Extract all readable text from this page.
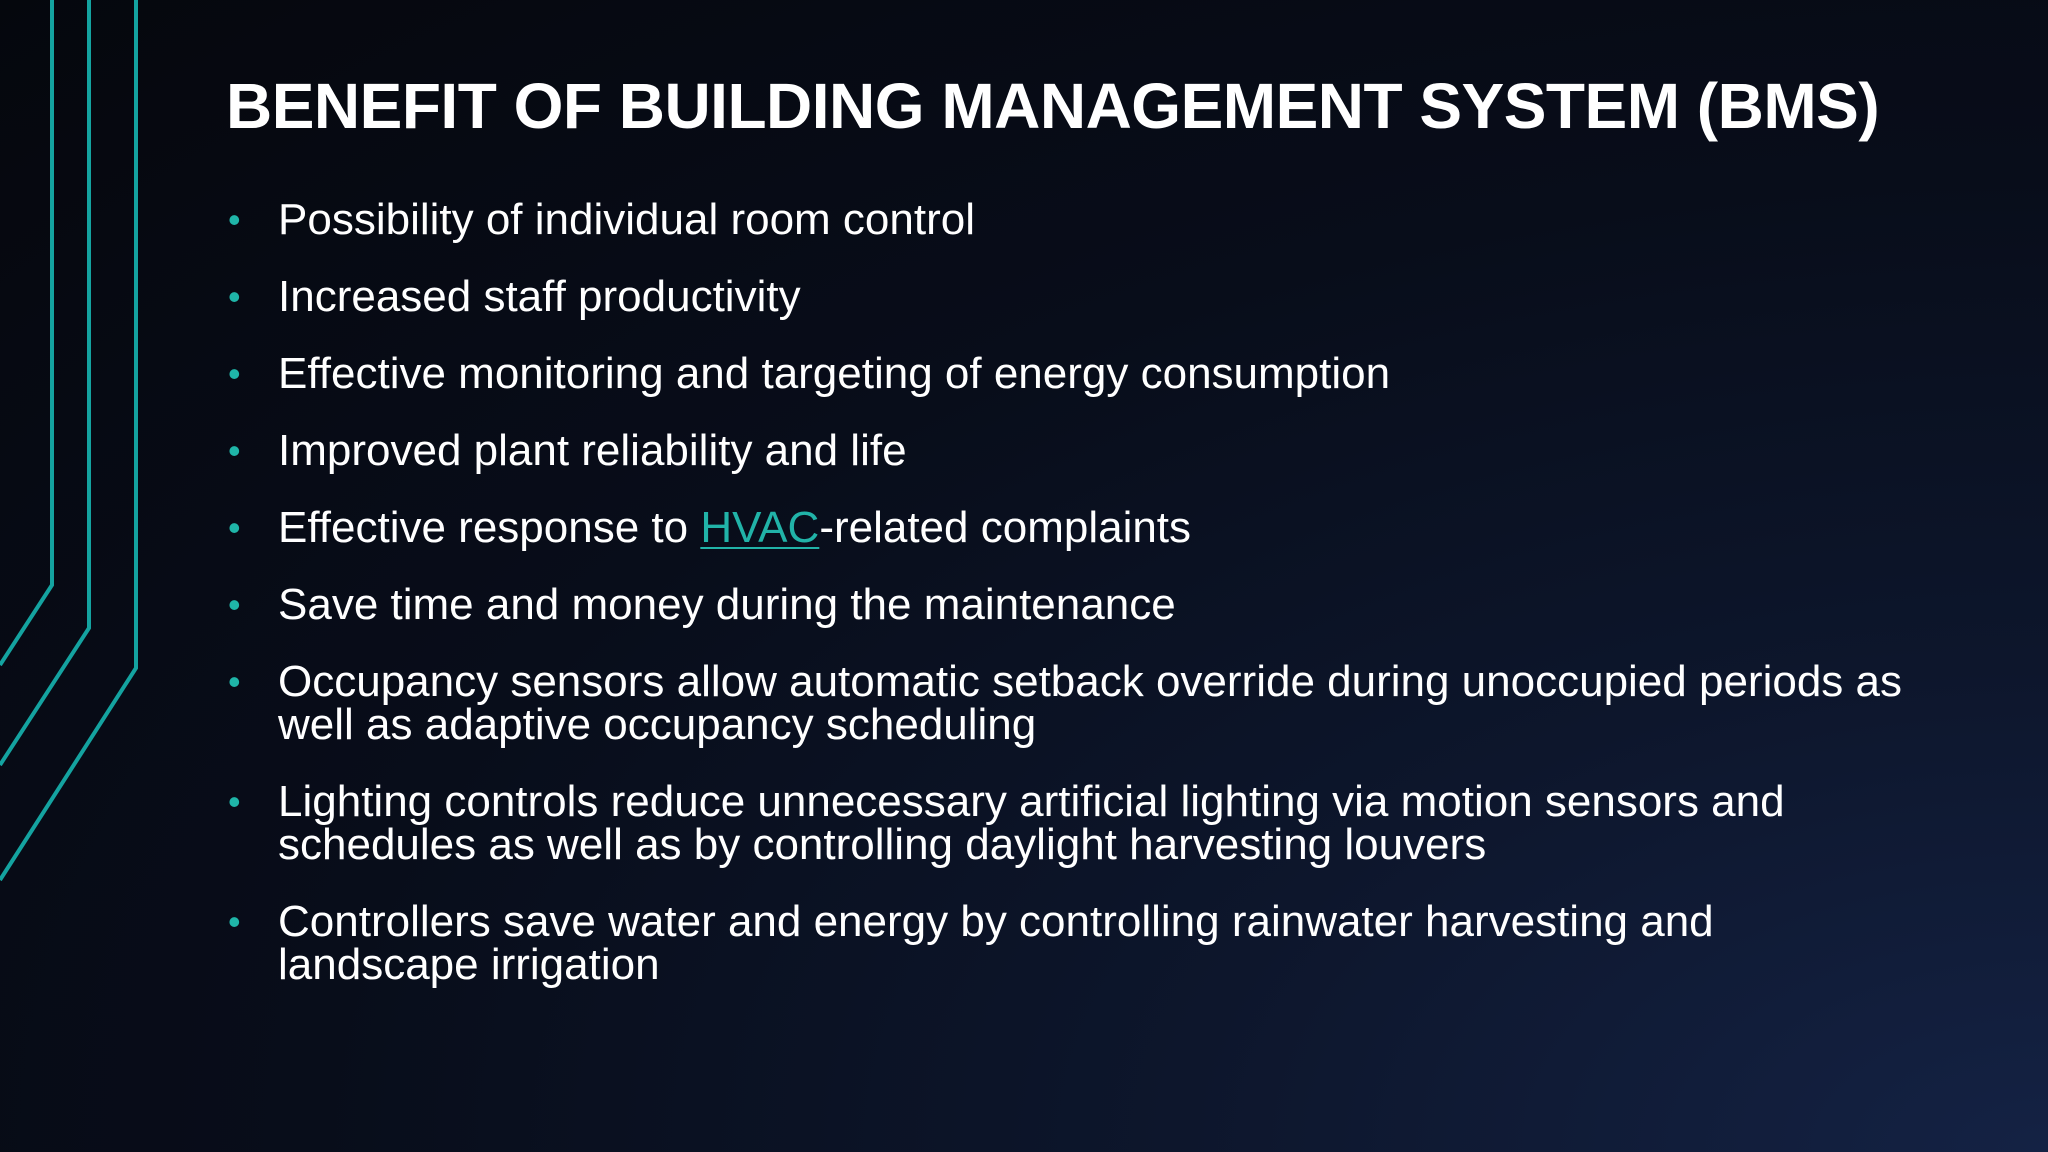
BENEFIT OF BUILDING MANAGEMENT SYSTEM (BMS)
• Possibility of individual room control
• Increased staff productivity
• Effective monitoring and targeting of energy consumption
• Improved plant reliability and life
• Effective response to HVAC-related complaints
• Save time and money during the maintenance
• Occupancy sensors allow automatic setback override during unoccupied periods as well as adaptive occupancy scheduling
• Lighting controls reduce unnecessary artificial lighting via motion sensors and schedules as well as by controlling daylight harvesting louvers
• Controllers save water and energy by controlling rainwater harvesting and landscape irrigation
